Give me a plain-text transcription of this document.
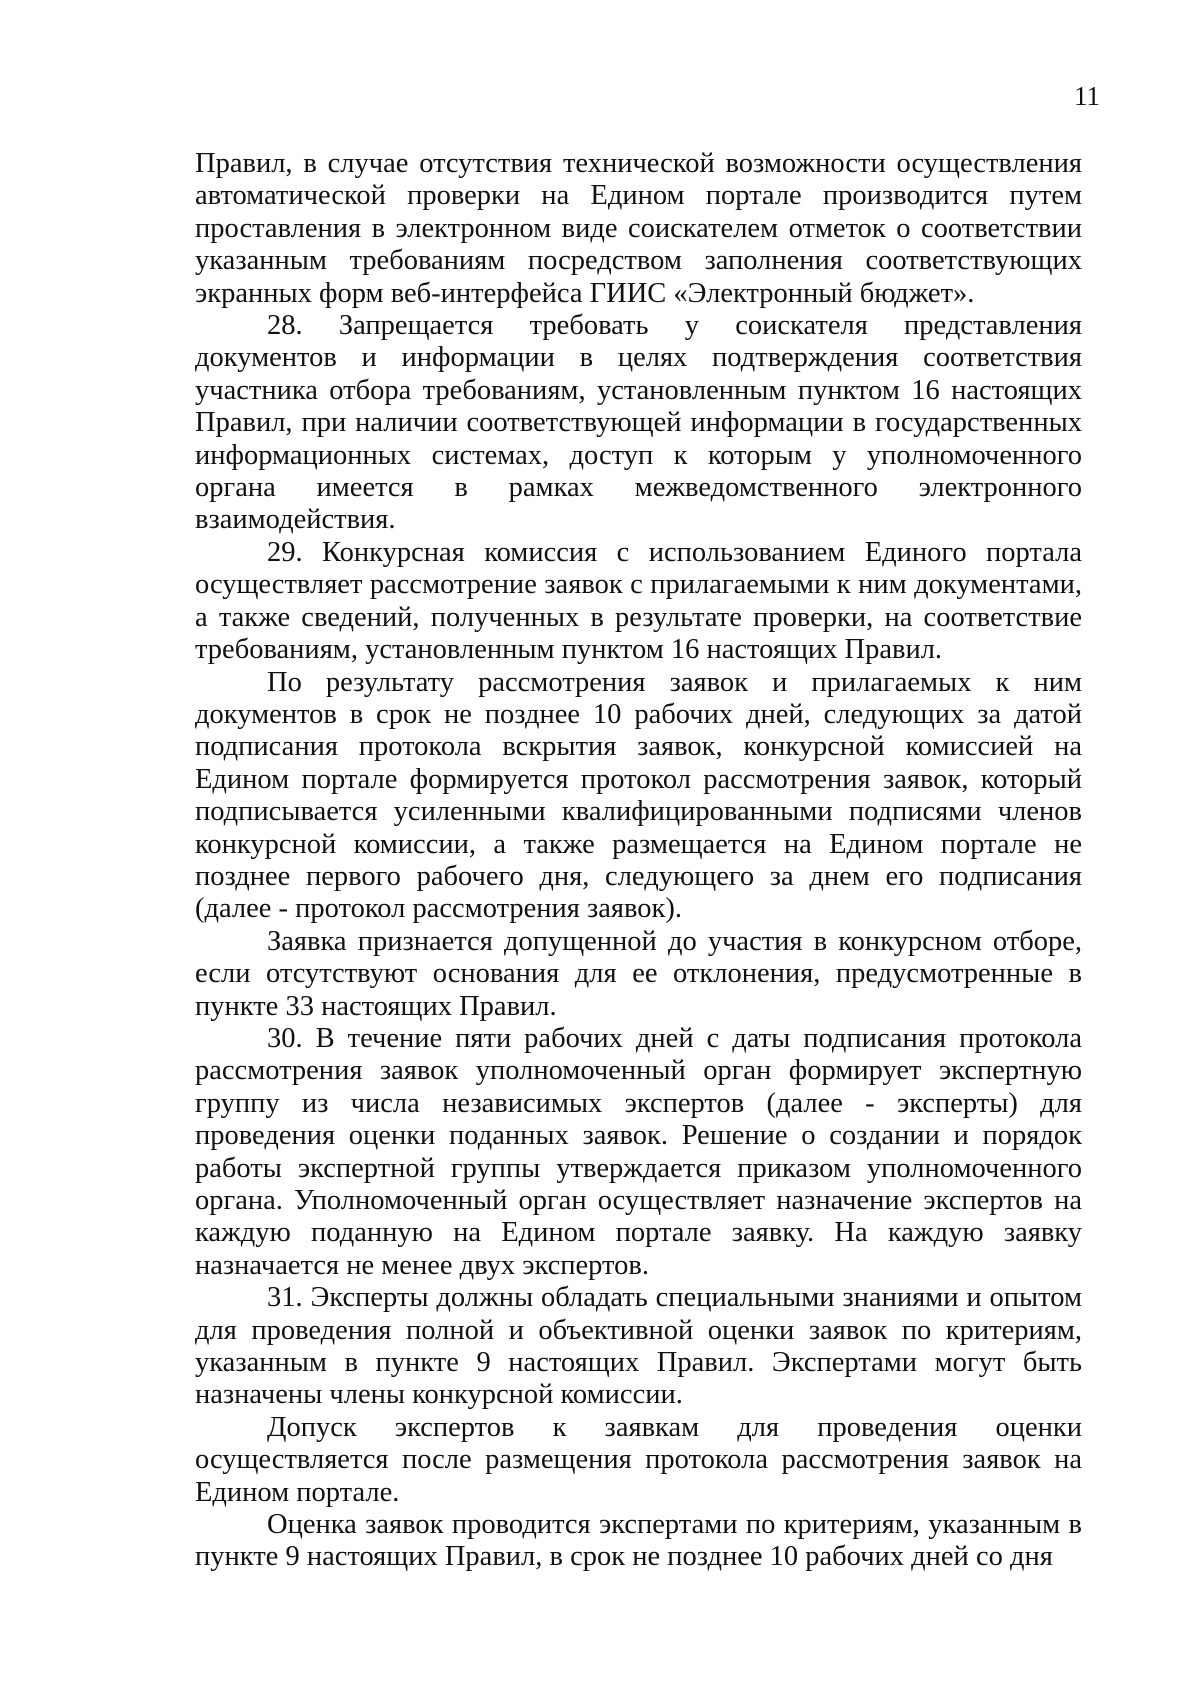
11

Правил, в случае отсутствия технической возможности осуществления автоматической проверки на Едином портале производится путем проставления в электронном виде соискателем отметок о соответствии указанным требованиям посредством заполнения соответствующих экранных форм веб-интерфейса ГИИС «Электронный бюджет».

28. Запрещается требовать у соискателя представления документов и информации в целях подтверждения соответствия участника отбора требованиям, установленным пунктом 16 настоящих Правил, при наличии соответствующей информации в государственных информационных системах, доступ к которым у уполномоченного органа имеется в рамках межведомственного электронного взаимодействия.

29. Конкурсная комиссия с использованием Единого портала осуществляет рассмотрение заявок с прилагаемыми к ним документами, а также сведений, полученных в результате проверки, на соответствие требованиям, установленным пунктом 16 настоящих Правил.

По результату рассмотрения заявок и прилагаемых к ним документов в срок не позднее 10 рабочих дней, следующих за датой подписания протокола вскрытия заявок, конкурсной комиссией на Едином портале формируется протокол рассмотрения заявок, который подписывается усиленными квалифицированными подписями членов конкурсной комиссии, а также размещается на Едином портале не позднее первого рабочего дня, следующего за днем его подписания (далее - протокол рассмотрения заявок).

Заявка признается допущенной до участия в конкурсном отборе, если отсутствуют основания для ее отклонения, предусмотренные в пункте 33 настоящих Правил.

30. В течение пяти рабочих дней с даты подписания протокола рассмотрения заявок уполномоченный орган формирует экспертную группу из числа независимых экспертов (далее - эксперты) для проведения оценки поданных заявок. Решение о создании и порядок работы экспертной группы утверждается приказом уполномоченного органа. Уполномоченный орган осуществляет назначение экспертов на каждую поданную на Едином портале заявку. На каждую заявку назначается не менее двух экспертов.

31. Эксперты должны обладать специальными знаниями и опытом для проведения полной и объективной оценки заявок по критериям, указанным в пункте 9 настоящих Правил. Экспертами могут быть назначены члены конкурсной комиссии.

Допуск экспертов к заявкам для проведения оценки осуществляется после размещения протокола рассмотрения заявок на Едином портале.

Оценка заявок проводится экспертами по критериям, указанным в пункте 9 настоящих Правил, в срок не позднее 10 рабочих дней со дня
